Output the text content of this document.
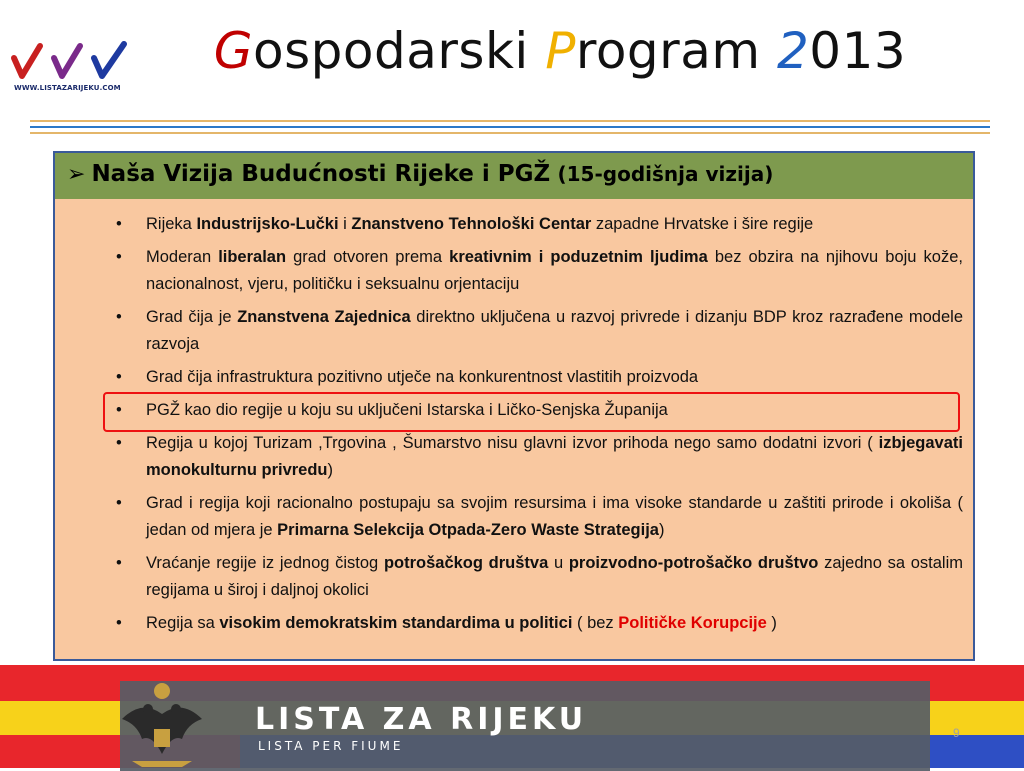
WWW.LISTAZARIJEKU.COM
Gospodarski Program 2013
➢ Naša Vizija Budućnosti Rijeke i PGŽ (15-godišnja vizija)
• Rijeka Industrijsko-Lučki i Znanstveno Tehnološki Centar zapadne Hrvatske i šire regije
• Moderan liberalan grad otvoren prema kreativnim i poduzetnim ljudima bez obzira na njihovu boju kože, nacionalnost, vjeru, političku i seksualnu orjentaciju
• Grad čija je Znanstvena Zajednica direktno uključena u razvoj privrede i dizanju BDP kroz razrađene modele razvoja
• Grad čija infrastruktura pozitivno utječe na konkurentnost vlastitih proizvoda
• PGŽ kao dio regije u koju su uključeni Istarska i Ličko-Senjska Županija
• Regija u kojoj Turizam ,Trgovina , Šumarstvo nisu glavni izvor prihoda nego samo dodatni izvori ( izbjegavati monokulturnu privredu)
• Grad i regija koji racionalno postupaju sa svojim resursima i ima visoke standarde u zaštiti prirode i okoliša ( jedan od mjera je Primarna Selekcija Otpada-Zero Waste Strategija)
• Vraćanje regije iz jednog čistog potrošačkog društva u proizvodno-potrošačko društvo zajedno sa ostalim regijama u široj i daljnoj okolici
• Regija sa visokim demokratskim standardima u politici ( bez Političke Korupcije )
LISTA ZA RIJEKU
LISTA PER FIUME
9
